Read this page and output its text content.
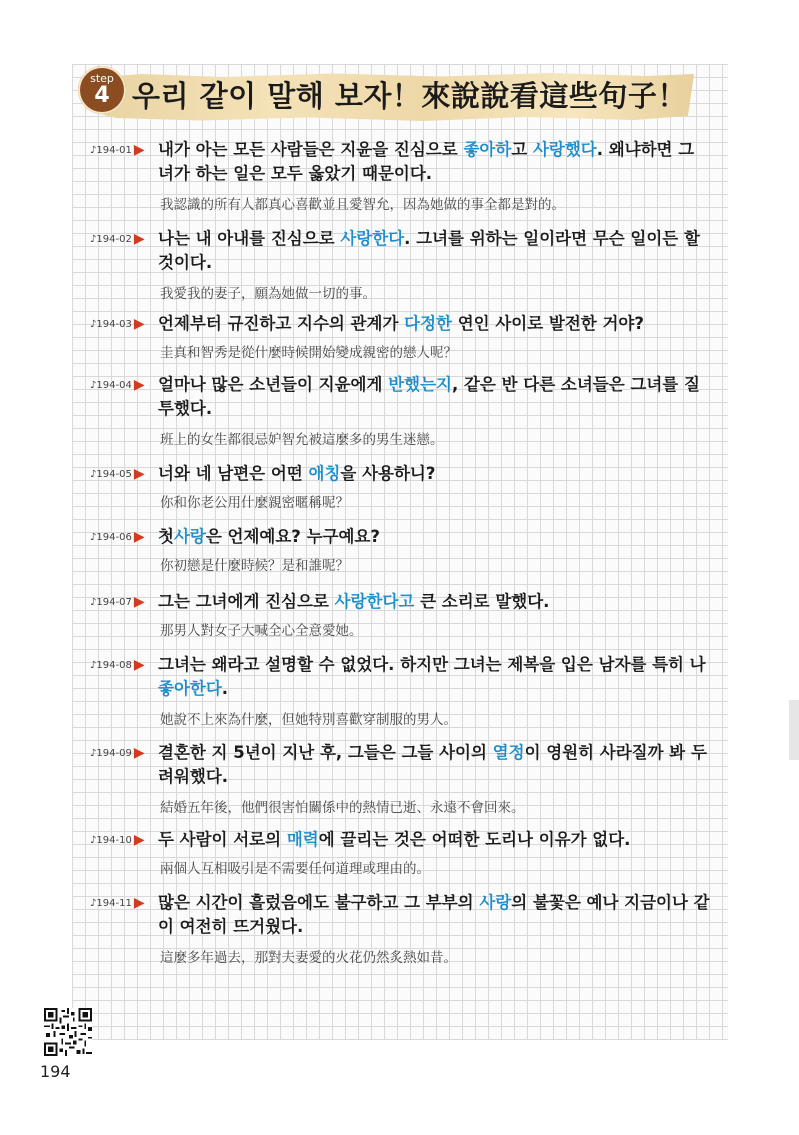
step
4 우리 같이 말해 보자！來說說看這些句子！
♪194-01 ▶ 내가 아는 모든 사람들은 지윤을 진심으로 좋아하고 사랑했다. 왜냐하면 그녀가 하는 일은 모두 옳았기 때문이다.
我認識的所有人都真心喜歡並且愛智允，因為她做的事全都是對的。
♪194-02 ▶ 나는 내 아내를 진심으로 사랑한다. 그녀를 위하는 일이라면 무슨 일이든 할 것이다.
我愛我的妻子，願為她做一切的事。
♪194-03 ▶ 언제부터 규진하고 지수의 관계가 다정한 연인 사이로 발전한 거야?
圭真和智秀是從什麼時候開始變成親密的戀人呢？
♪194-04 ▶ 얼마나 많은 소년들이 지윤에게 반했는지, 같은 반 다른 소녀들은 그녀를 질투했다.
班上的女生都很忌妒智允被這麼多的男生迷戀。
♪194-05 ▶ 너와 네 남편은 어떤 애칭을 사용하니?
你和你老公用什麼親密暱稱呢？
♪194-06 ▶ 첫사랑은 언제예요? 누구예요?
你初戀是什麼時候？是和誰呢？
♪194-07 ▶ 그는 그녀에게 진심으로 사랑한다고 큰 소리로 말했다.
那男人對女子大喊全心全意愛她。
♪194-08 ▶ 그녀는 왜라고 설명할 수 없었다. 하지만 그녀는 제복을 입은 남자를 특히 나 좋아한다.
她說不上來為什麼，但她特別喜歡穿制服的男人。
♪194-09 ▶ 결혼한 지 5년이 지난 후, 그들은 그들 사이의 열정이 영원히 사라질까 봐 두려워했다.
結婚五年後，他們很害怕關係中的熱情已逝、永遠不會回來。
♪194-10 ▶ 두 사람이 서로의 매력에 끌리는 것은 어떠한 도리나 이유가 없다.
兩個人互相吸引是不需要任何道理或理由的。
♪194-11 ▶ 많은 시간이 흘렀음에도 불구하고 그 부부의 사랑의 불꽃은 예나 지금이나 같이 여전히 뜨거웠다.
這麼多年過去，那對夫妻愛的火花仍然炙熱如昔。
194
